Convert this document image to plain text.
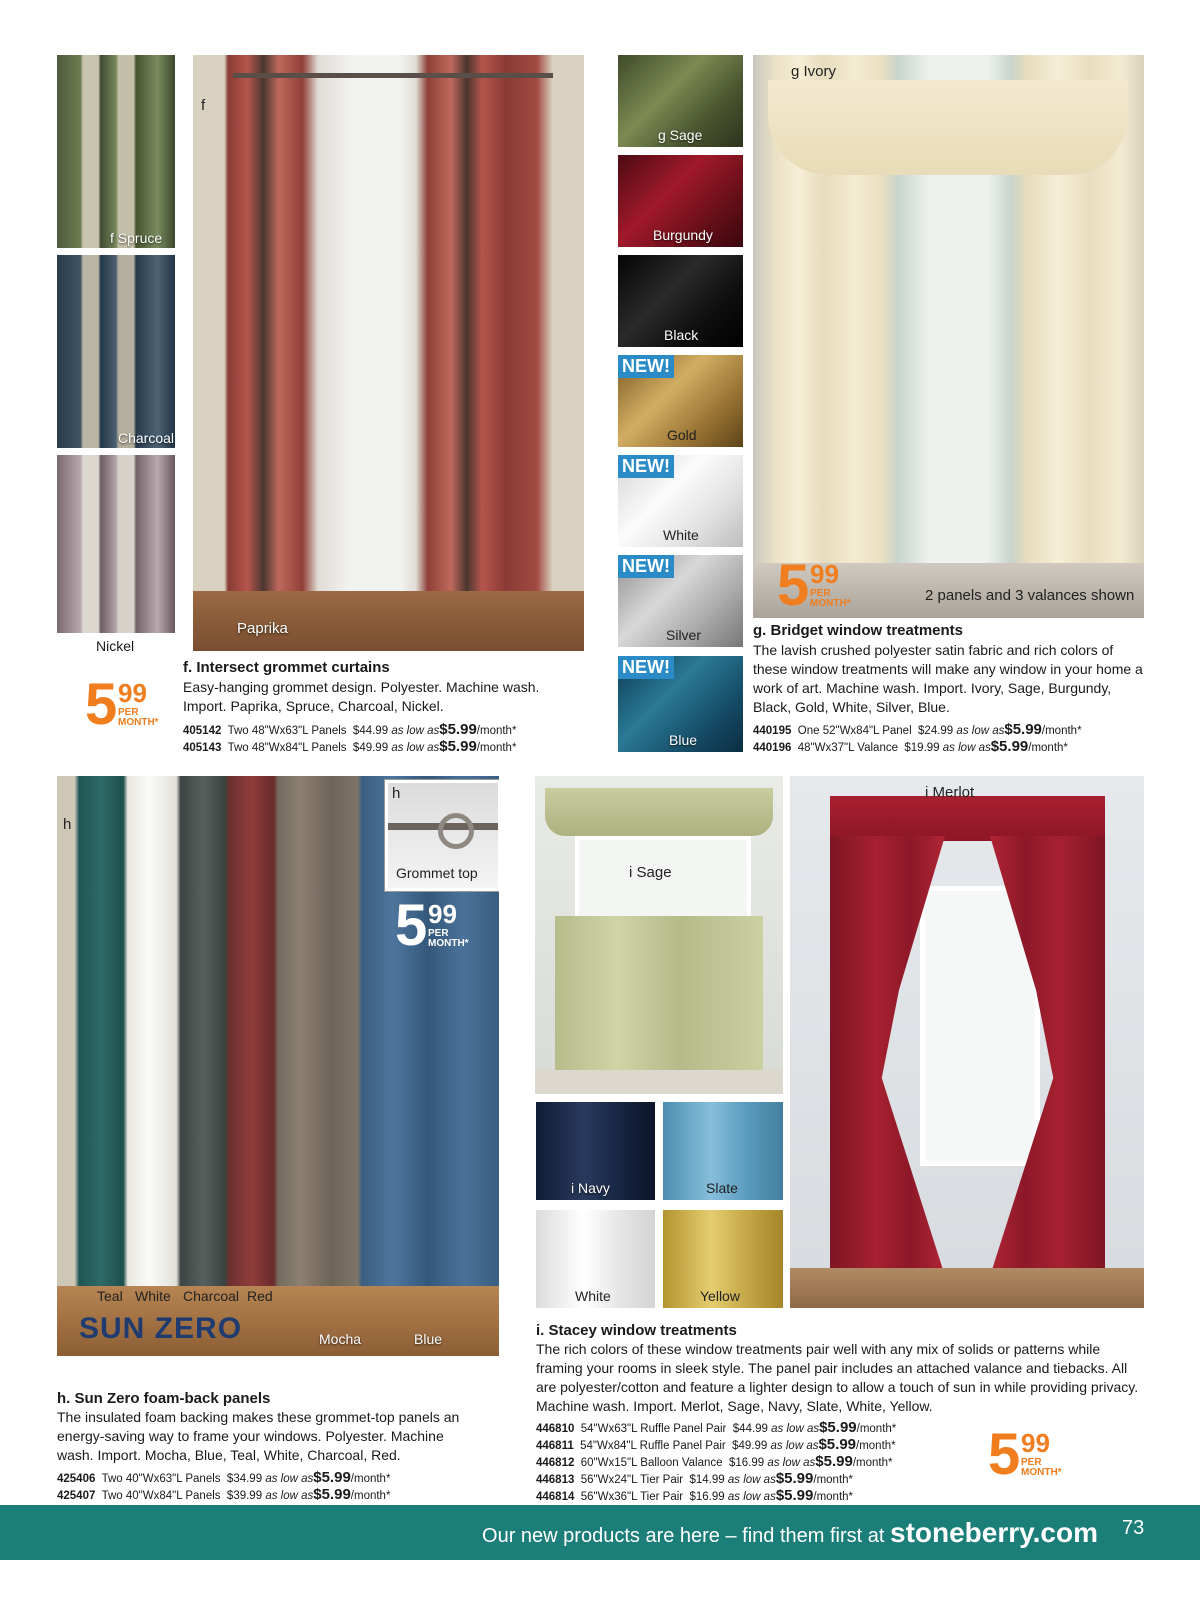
f Spruce
Charcoal
Nickel
f
Paprika
5 99
PER
MONTH*
f. Intersect grommet curtains
Easy-hanging grommet design. Polyester. Machine wash. Import. Paprika, Spruce, Charcoal, Nickel.
405142 Two 48"Wx63"L Panels $44.99 as low as$5.99/month*
405143 Two 48"Wx84"L Panels $49.99 as low as$5.99/month*
g Sage
Burgundy
Black
NEW!
Gold
NEW!
White
NEW!
Silver
NEW!
Blue
g Ivory
5 99
PER
MONTH*	2 panels and 3 valances shown
g. Bridget window treatments
The lavish crushed polyester satin fabric and rich colors of these window treatments will make any window in your home a work of art. Machine wash. Import. Ivory, Sage, Burgundy, Black, Gold, White, Silver, Blue.
440195 One 52"Wx84"L Panel $24.99 as low as$5.99/month*
440196 48"Wx37"L Valance $19.99 as low as$5.99/month*
h
h
Grommet top
5 99
PER
MONTH*
Teal White Charcoal Red
SUN ZERO	Mocha	Blue
h. Sun Zero foam-back panels
The insulated foam backing makes these grommet-top panels an energy-saving way to frame your windows. Polyester. Machine wash. Import. Mocha, Blue, Teal, White, Charcoal, Red.
425406 Two 40"Wx63"L Panels $34.99 as low as$5.99/month*
425407 Two 40"Wx84"L Panels $39.99 as low as$5.99/month*
i Sage
i Navy	Slate
White	Yellow
i Merlot
i. Stacey window treatments
The rich colors of these window treatments pair well with any mix of solids or patterns while framing your rooms in sleek style. The panel pair includes an attached valance and tiebacks. All are polyester/cotton and feature a lighter design to allow a touch of sun in while providing privacy. Machine wash. Import. Merlot, Sage, Navy, Slate, White, Yellow.
446810 54"Wx63"L Ruffle Panel Pair $44.99 as low as$5.99/month*
446811 54"Wx84"L Ruffle Panel Pair $49.99 as low as$5.99/month*
446812 60"Wx15"L Balloon Valance $16.99 as low as$5.99/month*
446813 56"Wx24"L Tier Pair $14.99 as low as$5.99/month*
446814 56"Wx36"L Tier Pair $16.99 as low as$5.99/month*
5 99
PER
MONTH*
Our new products are here – find them first at stoneberry.com 73
